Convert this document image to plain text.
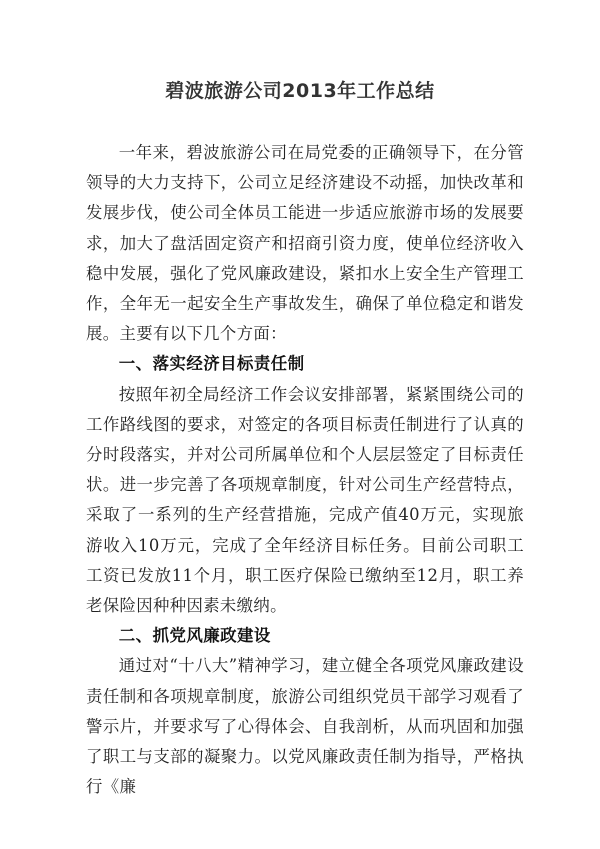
碧波旅游公司2013年工作总结

一年来，碧波旅游公司在局党委的正确领导下，在分管领导的大力支持下，公司立足经济建设不动摇，加快改革和发展步伐，使公司全体员工能进一步适应旅游市场的发展要求，加大了盘活固定资产和招商引资力度，使单位经济收入稳中发展，强化了党风廉政建设，紧扣水上安全生产管理工作，全年无一起安全生产事故发生，确保了单位稳定和谐发展。主要有以下几个方面：

一、落实经济目标责任制

按照年初全局经济工作会议安排部署，紧紧围绕公司的工作路线图的要求，对签定的各项目标责任制进行了认真的分时段落实，并对公司所属单位和个人层层签定了目标责任状。进一步完善了各项规章制度，针对公司生产经营特点，采取了一系列的生产经营措施，完成产值40万元，实现旅游收入10万元，完成了全年经济目标任务。目前公司职工工资已发放11个月，职工医疗保险已缴纳至12月，职工养老保险因种种因素未缴纳。

二、抓党风廉政建设

通过对“十八大”精神学习，建立健全各项党风廉政建设责任制和各项规章制度，旅游公司组织党员干部学习观看了警示片，并要求写了心得体会、自我剖析，从而巩固和加强了职工与支部的凝聚力。以党风廉政责任制为指导，严格执行《廉
